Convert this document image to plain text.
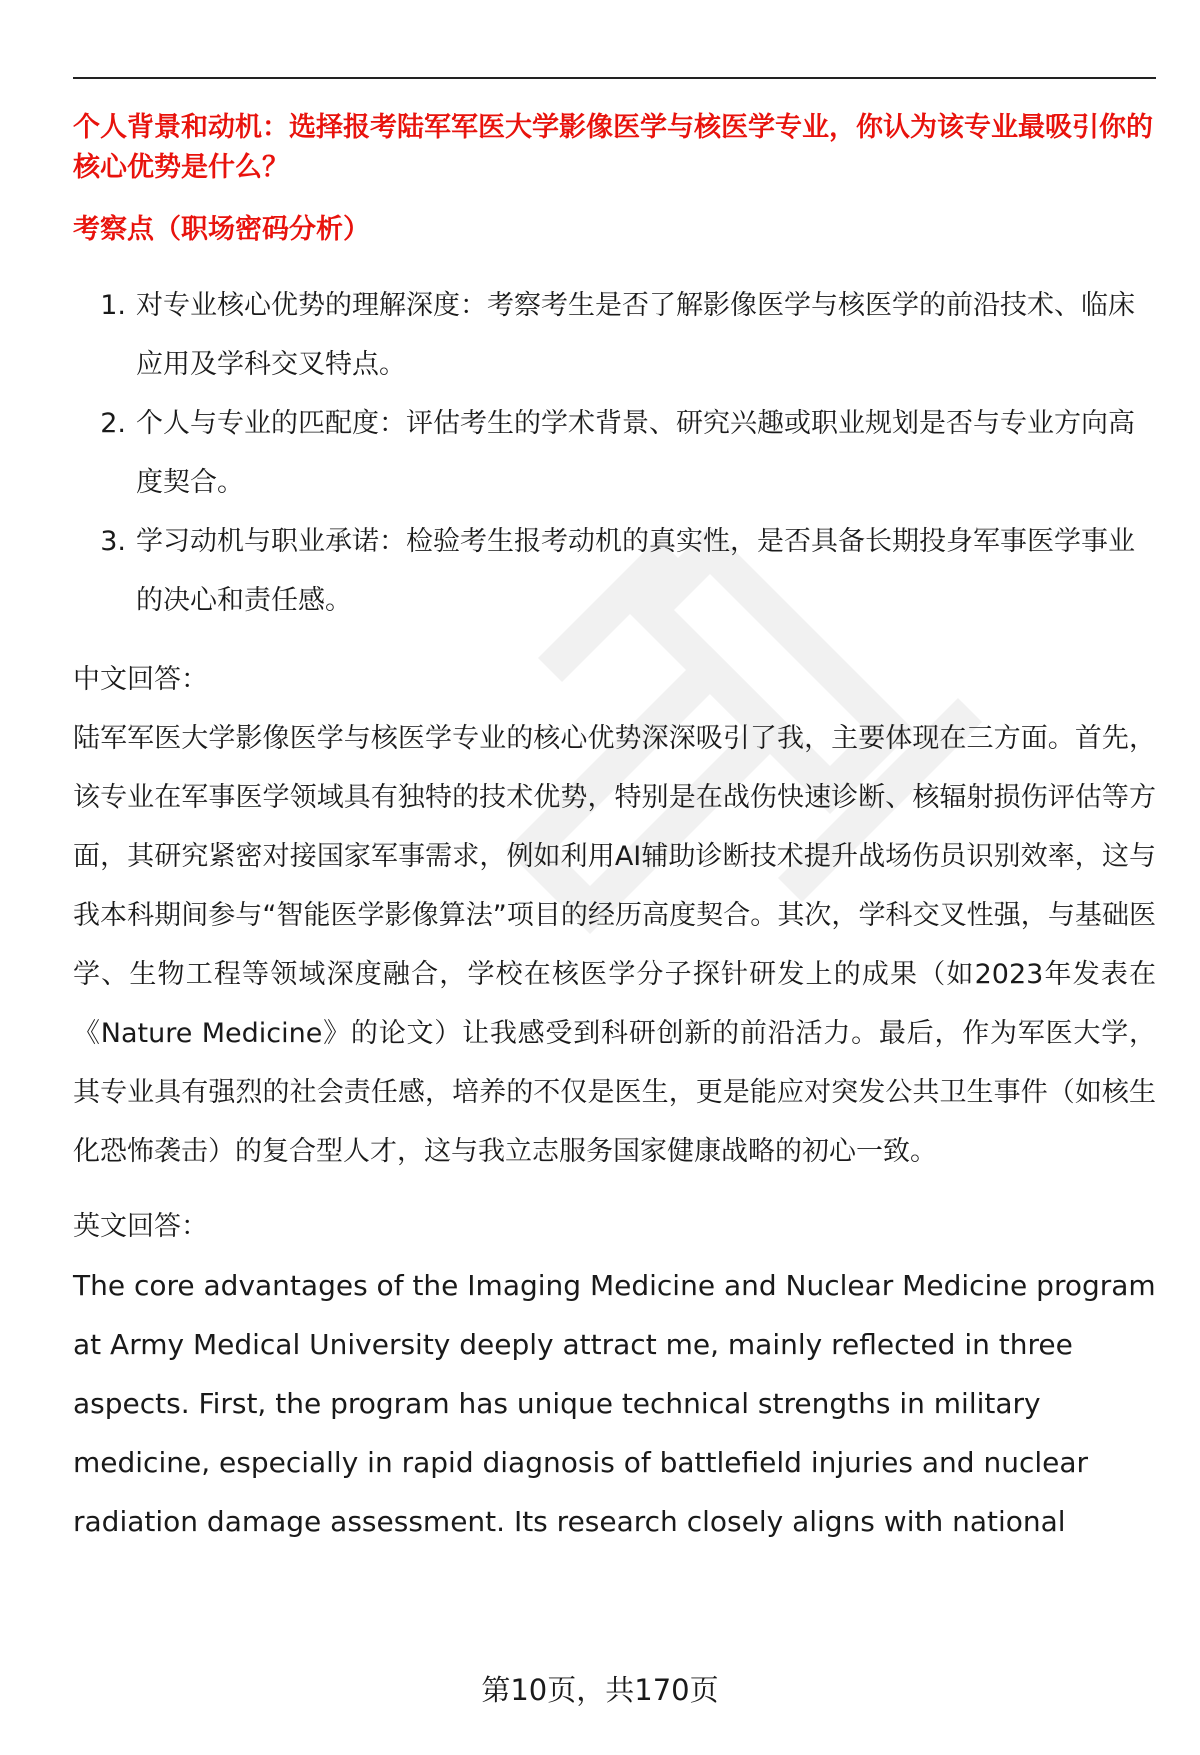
个人背景和动机：选择报考陆军军医大学影像医学与核医学专业，你认为该专业最吸引你的核心优势是什么？

考察点（职场密码分析）

1. 对专业核心优势的理解深度：考察考生是否了解影像医学与核医学的前沿技术、临床应用及学科交叉特点。
2. 个人与专业的匹配度：评估考生的学术背景、研究兴趣或职业规划是否与专业方向高度契合。
3. 学习动机与职业承诺：检验考生报考动机的真实性，是否具备长期投身军事医学事业的决心和责任感。

中文回答：

陆军军医大学影像医学与核医学专业的核心优势深深吸引了我，主要体现在三方面。首先，该专业在军事医学领域具有独特的技术优势，特别是在战伤快速诊断、核辐射损伤评估等方面，其研究紧密对接国家军事需求，例如利用AI辅助诊断技术提升战场伤员识别效率，这与我本科期间参与“智能医学影像算法”项目的经历高度契合。其次，学科交叉性强，与基础医学、生物工程等领域深度融合，学校在核医学分子探针研发上的成果（如2023年发表在《Nature Medicine》的论文）让我感受到科研创新的前沿活力。最后，作为军医大学，其专业具有强烈的社会责任感，培养的不仅是医生，更是能应对突发公共卫生事件（如核生化恐怖袭击）的复合型人才，这与我立志服务国家健康战略的初心一致。

英文回答：

The core advantages of the Imaging Medicine and Nuclear Medicine program at Army Medical University deeply attract me, mainly reflected in three aspects. First, the program has unique technical strengths in military medicine, especially in rapid diagnosis of battlefield injuries and nuclear radiation damage assessment. Its research closely aligns with national

第10页，共170页
